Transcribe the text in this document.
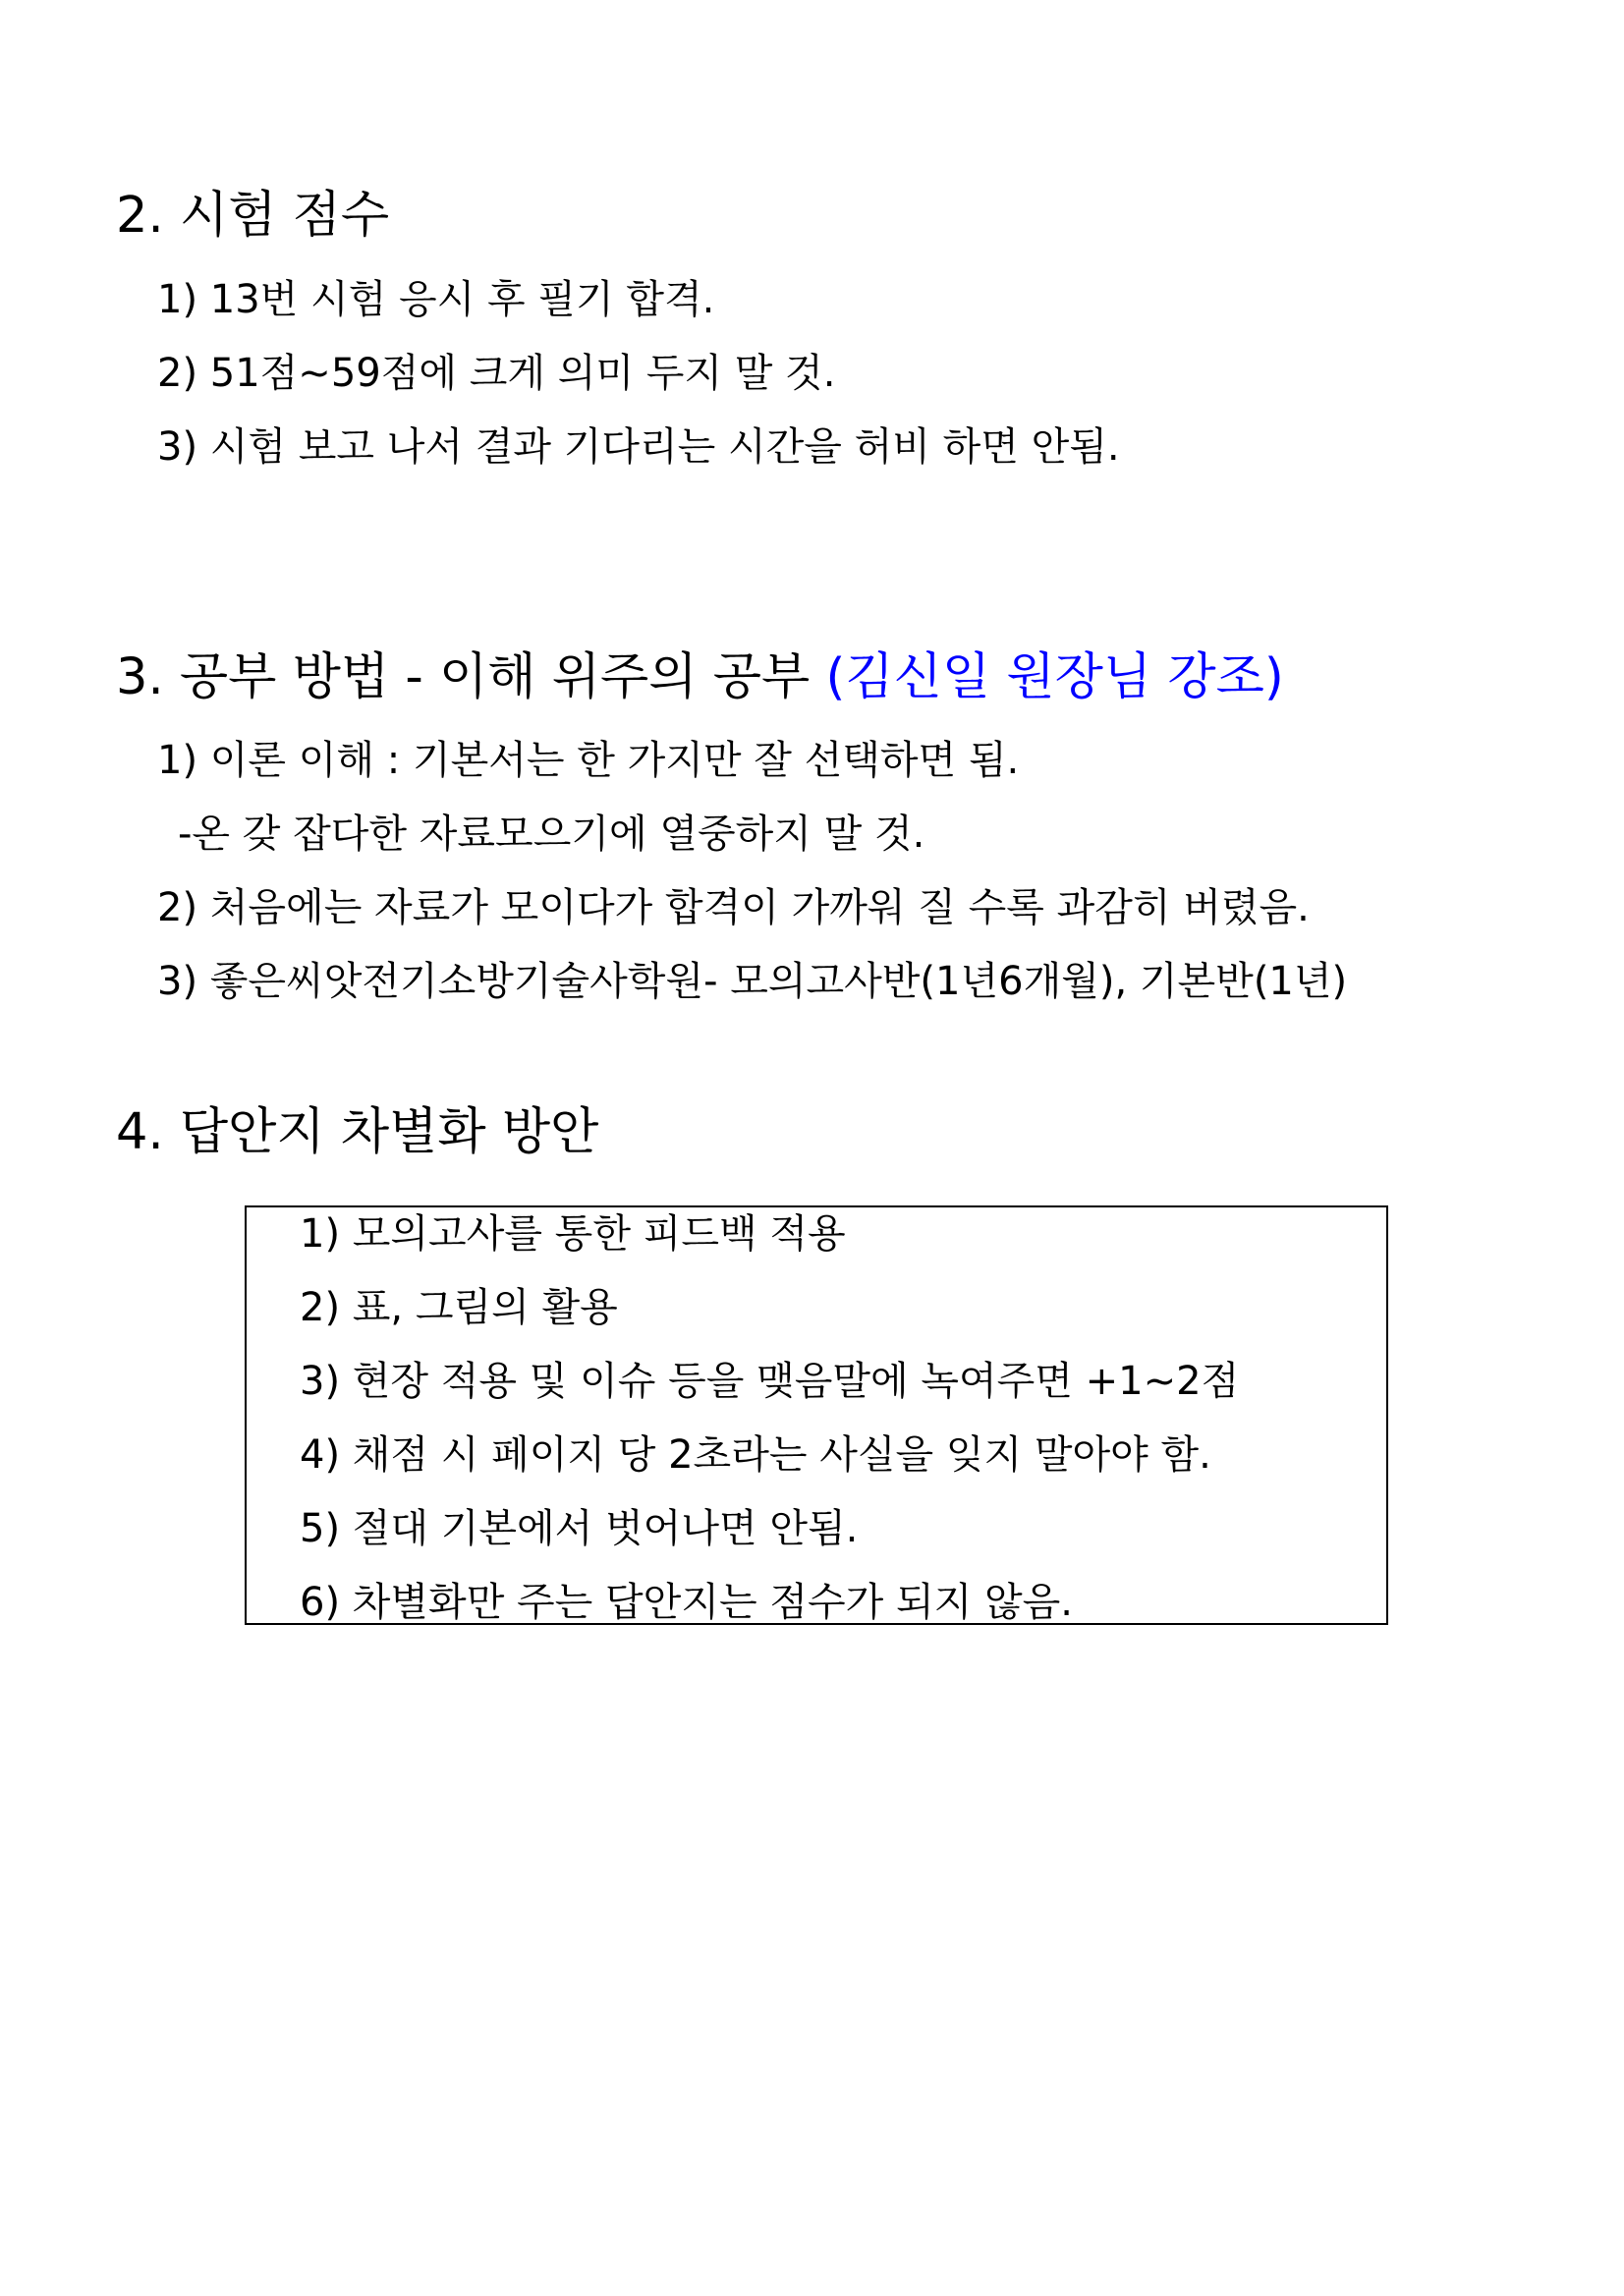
2. 시험 점수
1) 13번 시험 응시 후 필기 합격.
2) 51점~59점에 크게 의미 두지 말 것.
3) 시험 보고 나서 결과 기다리는 시간을 허비 하면 안됨.
3. 공부 방법 - 이해 위주의 공부 (김신일 원장님 강조)
1) 이론 이해 : 기본서는 한 가지만 잘 선택하면 됨.
-온 갖 잡다한 자료모으기에 열중하지 말 것.
2) 처음에는 자료가 모이다가 합격이 가까워 질 수록 과감히 버렸음.
3) 좋은씨앗전기소방기술사학원- 모의고사반(1년6개월), 기본반(1년)
4. 답안지 차별화 방안
1) 모의고사를 통한 피드백 적용
2) 표, 그림의 활용
3) 현장 적용 및 이슈 등을 맺음말에 녹여주면 +1~2점
4) 채점 시 페이지 당 2초라는 사실을 잊지 말아야 함.
5) 절대 기본에서 벗어나면 안됨.
6) 차별화만 주는 답안지는 점수가 되지 않음.
